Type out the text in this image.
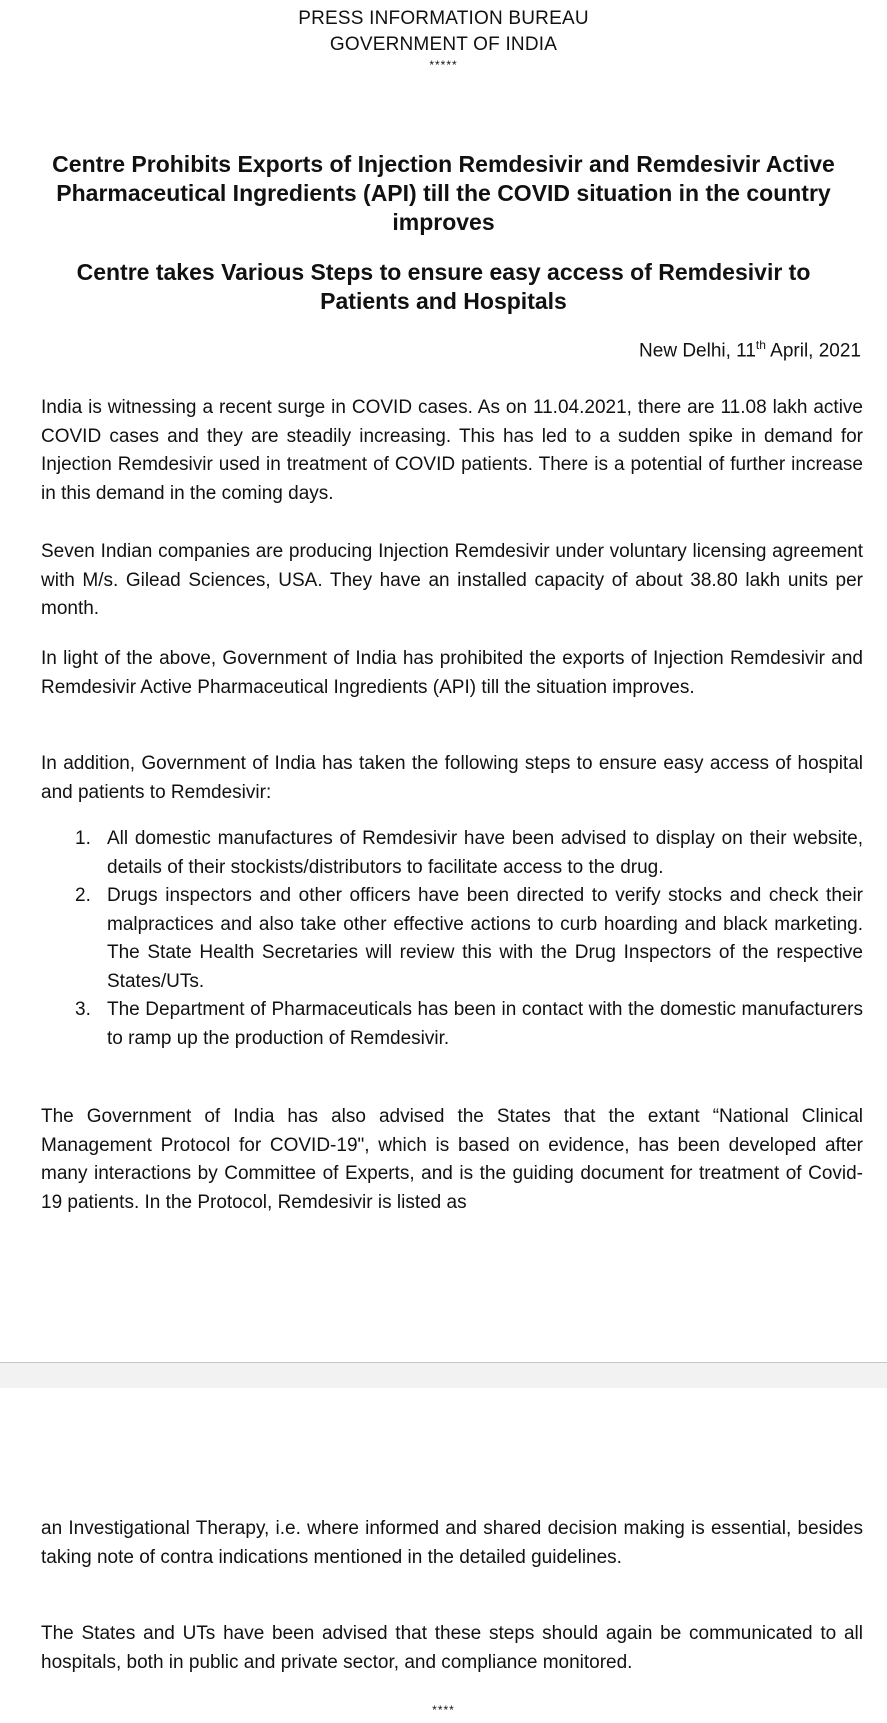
PRESS INFORMATION BUREAU
GOVERNMENT OF INDIA
*****
Centre Prohibits Exports of Injection Remdesivir and Remdesivir Active Pharmaceutical Ingredients (API) till the COVID situation in the country improves
Centre takes Various Steps to ensure easy access of Remdesivir to Patients and Hospitals
New Delhi, 11th April, 2021
India is witnessing a recent surge in COVID cases. As on 11.04.2021, there are 11.08 lakh active COVID cases and they are steadily increasing. This has led to a sudden spike in demand for Injection Remdesivir used in treatment of COVID patients. There is a potential of further increase in this demand in the coming days.
Seven Indian companies are producing Injection Remdesivir under voluntary licensing agreement with M/s. Gilead Sciences, USA. They have an installed capacity of about 38.80 lakh units per month.
In light of the above, Government of India has prohibited the exports of Injection Remdesivir and Remdesivir Active Pharmaceutical Ingredients (API) till the situation improves.
In addition, Government of India has taken the following steps to ensure easy access of hospital and patients to Remdesivir:
1. All domestic manufactures of Remdesivir have been advised to display on their website, details of their stockists/distributors to facilitate access to the drug.
2. Drugs inspectors and other officers have been directed to verify stocks and check their malpractices and also take other effective actions to curb hoarding and black marketing. The State Health Secretaries will review this with the Drug Inspectors of the respective States/UTs.
3. The Department of Pharmaceuticals has been in contact with the domestic manufacturers to ramp up the production of Remdesivir.
The Government of India has also advised the States that the extant “National Clinical Management Protocol for COVID-19", which is based on evidence, has been developed after many interactions by Committee of Experts, and is the guiding document for treatment of Covid-19 patients. In the Protocol, Remdesivir is listed as
an Investigational Therapy, i.e. where informed and shared decision making is essential, besides taking note of contra indications mentioned in the detailed guidelines.
The States and UTs have been advised that these steps should again be communicated to all hospitals, both in public and private sector, and compliance monitored.
****
